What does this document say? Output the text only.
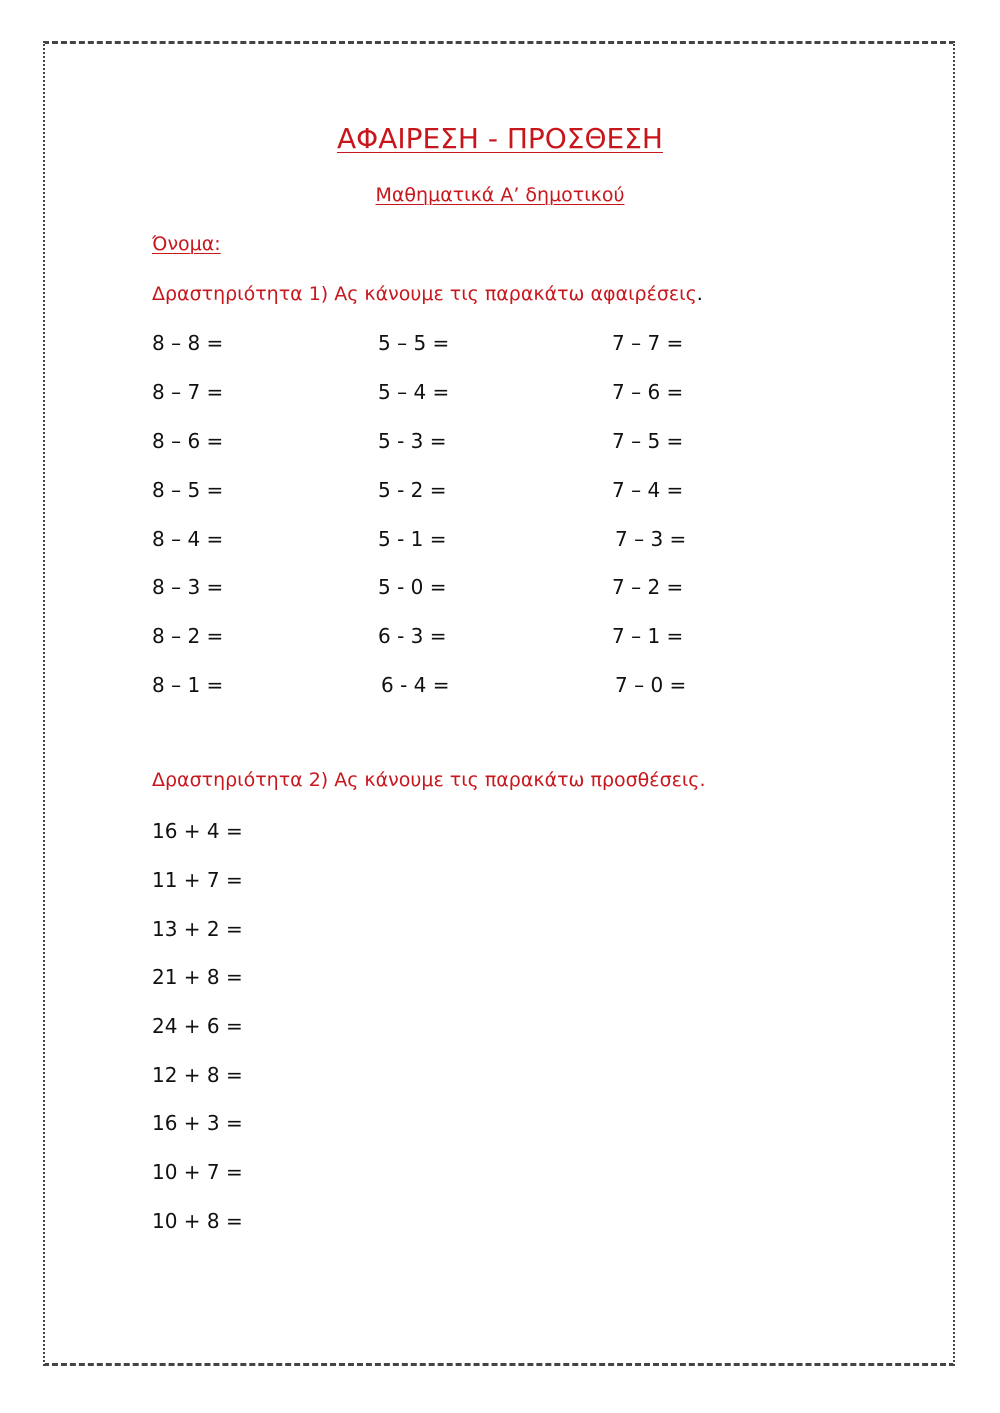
ΑΦΑΙΡΕΣΗ - ΠΡΟΣΘΕΣΗ
Μαθηματικά Α’ δημοτικού
Όνομα:
Δραστηριότητα 1) Ας κάνουμε τις παρακάτω αφαιρέσεις.
8 – 8 =
8 – 7 =
8 – 6 =
8 – 5 =
8 – 4 =
8 – 3 =
8 – 2 =
8 – 1 =
5 – 5 =
5 – 4 =
5 - 3 =
5 - 2 =
5 - 1 =
5 - 0 =
6 - 3 =
6 - 4 =
7 – 7 =
7 – 6 =
7 – 5 =
7 – 4 =
7 – 3 =
7 – 2 =
7 – 1 =
7 – 0 =
Δραστηριότητα 2) Ας κάνουμε τις παρακάτω προσθέσεις.
16 + 4 =
11 + 7 =
13 + 2 =
21 + 8 =
24 + 6 =
12 + 8 =
16 + 3 =
10 + 7 =
10 + 8 =
